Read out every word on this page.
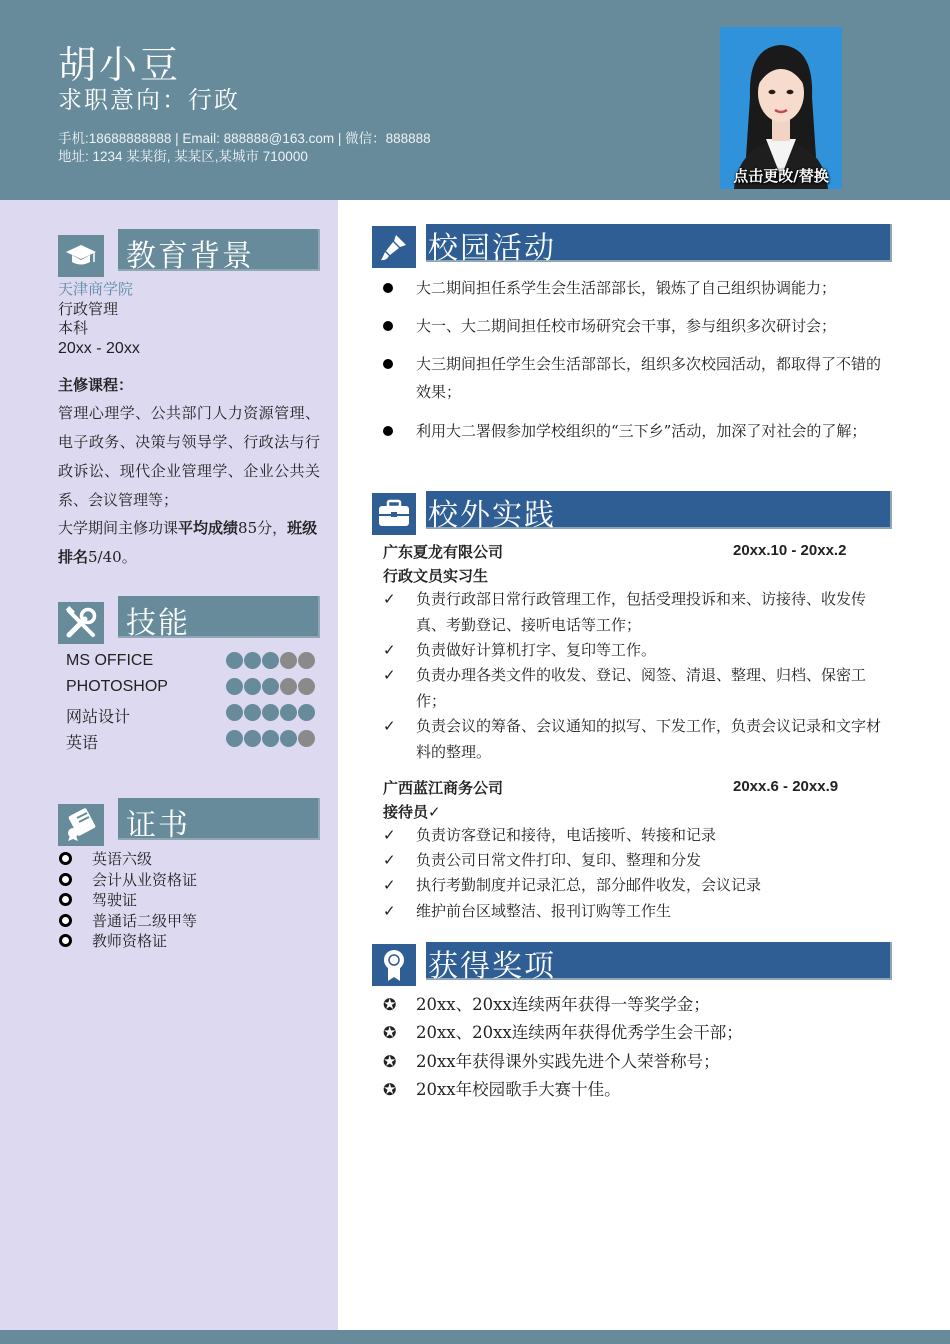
胡小豆
求职意向：行政
手机:18688888888 | Email: 888888@163.com | 微信：888888
地址: 1234 某某街, 某某区,某城市 710000
点击更改/替换
教育背景
天津商学院
行政管理
本科
20xx - 20xx
主修课程：
管理心理学、公共部门人力资源管理、电子政务、决策与领导学、行政法与行政诉讼、现代企业管理学、企业公共关系、会议管理等；
大学期间主修功课平均成绩85分，班级排名5/40。
技能
MS OFFICE
PHOTOSHOP
网站设计
英语
证书
英语六级
会计从业资格证
驾驶证
普通话二级甲等
教师资格证
校园活动
大二期间担任系学生会生活部部长，锻炼了自己组织协调能力；
大一、大二期间担任校市场研究会干事，参与组织多次研讨会；
大三期间担任学生会生活部部长，组织多次校园活动，都取得了不错的效果；
利用大二署假参加学校组织的“三下乡”活动，加深了对社会的了解；
校外实践
广东夏龙有限公司	20xx.10 - 20xx.2
行政文员实习生
✓	负责行政部日常行政管理工作，包括受理投诉和来、访接待、收发传真、考勤登记、接听电话等工作；
✓	负责做好计算机打字、复印等工作。
✓	负责办理各类文件的收发、登记、阅签、清退、整理、归档、保密工作；
✓	负责会议的筹备、会议通知的拟写、下发工作，负责会议记录和文字材料的整理。
广西蓝江商务公司	20xx.6 - 20xx.9
接待员✓
✓	负责访客登记和接待，电话接听、转接和记录
✓	负责公司日常文件打印、复印、整理和分发
✓	执行考勤制度并记录汇总，部分邮件收发，会议记录
✓	维护前台区域整洁、报刊订购等工作生
获得奖项
✪	20xx、20xx连续两年获得一等奖学金；
✪	20xx、20xx连续两年获得优秀学生会干部；
✪	20xx年获得课外实践先进个人荣誉称号；
✪	20xx年校园歌手大赛十佳。
